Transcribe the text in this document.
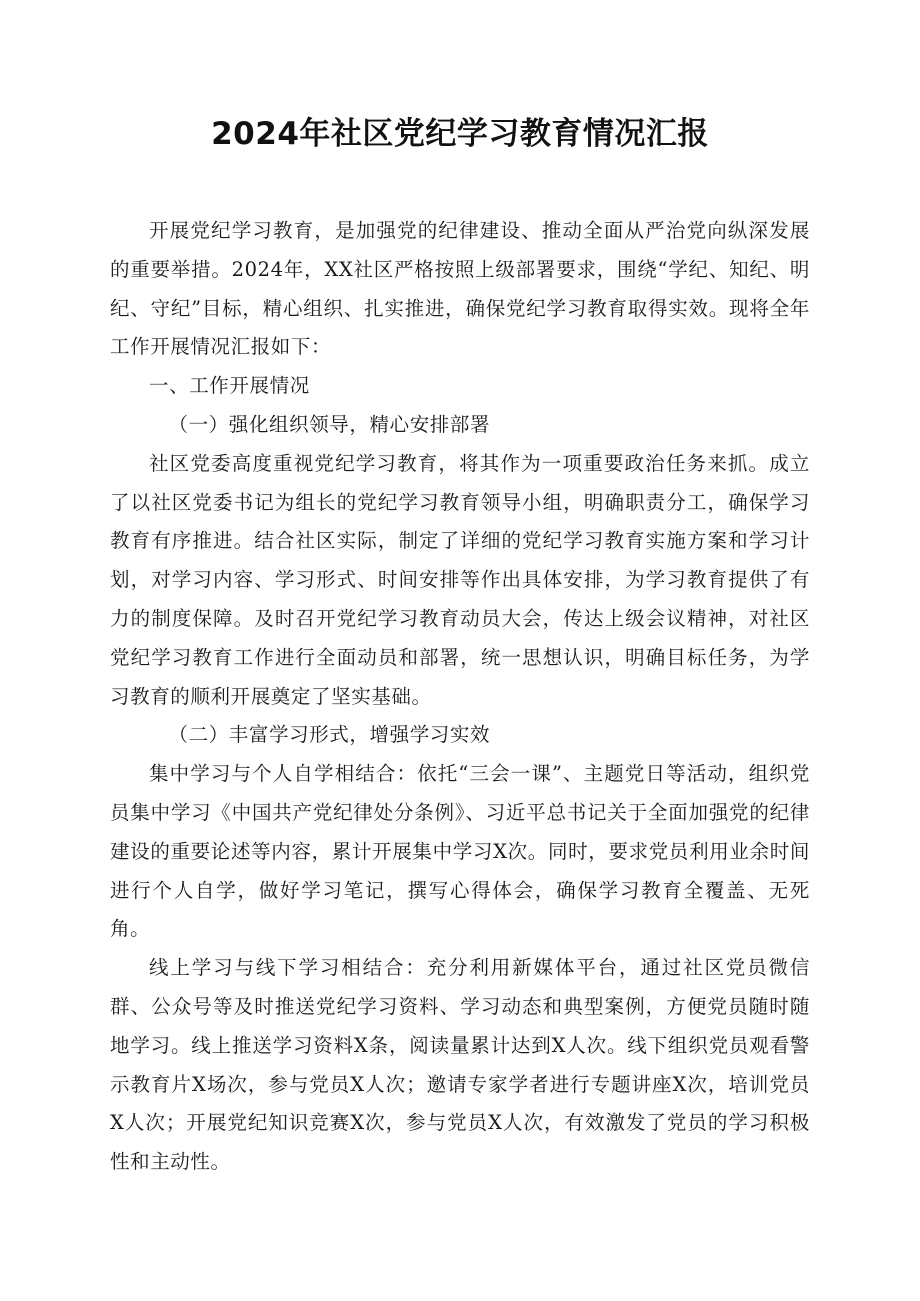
2024年社区党纪学习教育情况汇报

开展党纪学习教育，是加强党的纪律建设、推动全面从严治党向纵深发展的重要举措。2024年，XX社区严格按照上级部署要求，围绕“学纪、知纪、明纪、守纪”目标，精心组织、扎实推进，确保党纪学习教育取得实效。现将全年工作开展情况汇报如下：

一、工作开展情况

（一）强化组织领导，精心安排部署

社区党委高度重视党纪学习教育，将其作为一项重要政治任务来抓。成立了以社区党委书记为组长的党纪学习教育领导小组，明确职责分工，确保学习教育有序推进。结合社区实际，制定了详细的党纪学习教育实施方案和学习计划，对学习内容、学习形式、时间安排等作出具体安排，为学习教育提供了有力的制度保障。及时召开党纪学习教育动员大会，传达上级会议精神，对社区党纪学习教育工作进行全面动员和部署，统一思想认识，明确目标任务，为学习教育的顺利开展奠定了坚实基础。

（二）丰富学习形式，增强学习实效

集中学习与个人自学相结合：依托“三会一课”、主题党日等活动，组织党员集中学习《中国共产党纪律处分条例》、习近平总书记关于全面加强党的纪律建设的重要论述等内容，累计开展集中学习X次。同时，要求党员利用业余时间进行个人自学，做好学习笔记，撰写心得体会，确保学习教育全覆盖、无死角。

线上学习与线下学习相结合：充分利用新媒体平台，通过社区党员微信群、公众号等及时推送党纪学习资料、学习动态和典型案例，方便党员随时随地学习。线上推送学习资料X条，阅读量累计达到X人次。线下组织党员观看警示教育片X场次，参与党员X人次；邀请专家学者进行专题讲座X次，培训党员X人次；开展党纪知识竞赛X次，参与党员X人次，有效激发了党员的学习积极性和主动性。
